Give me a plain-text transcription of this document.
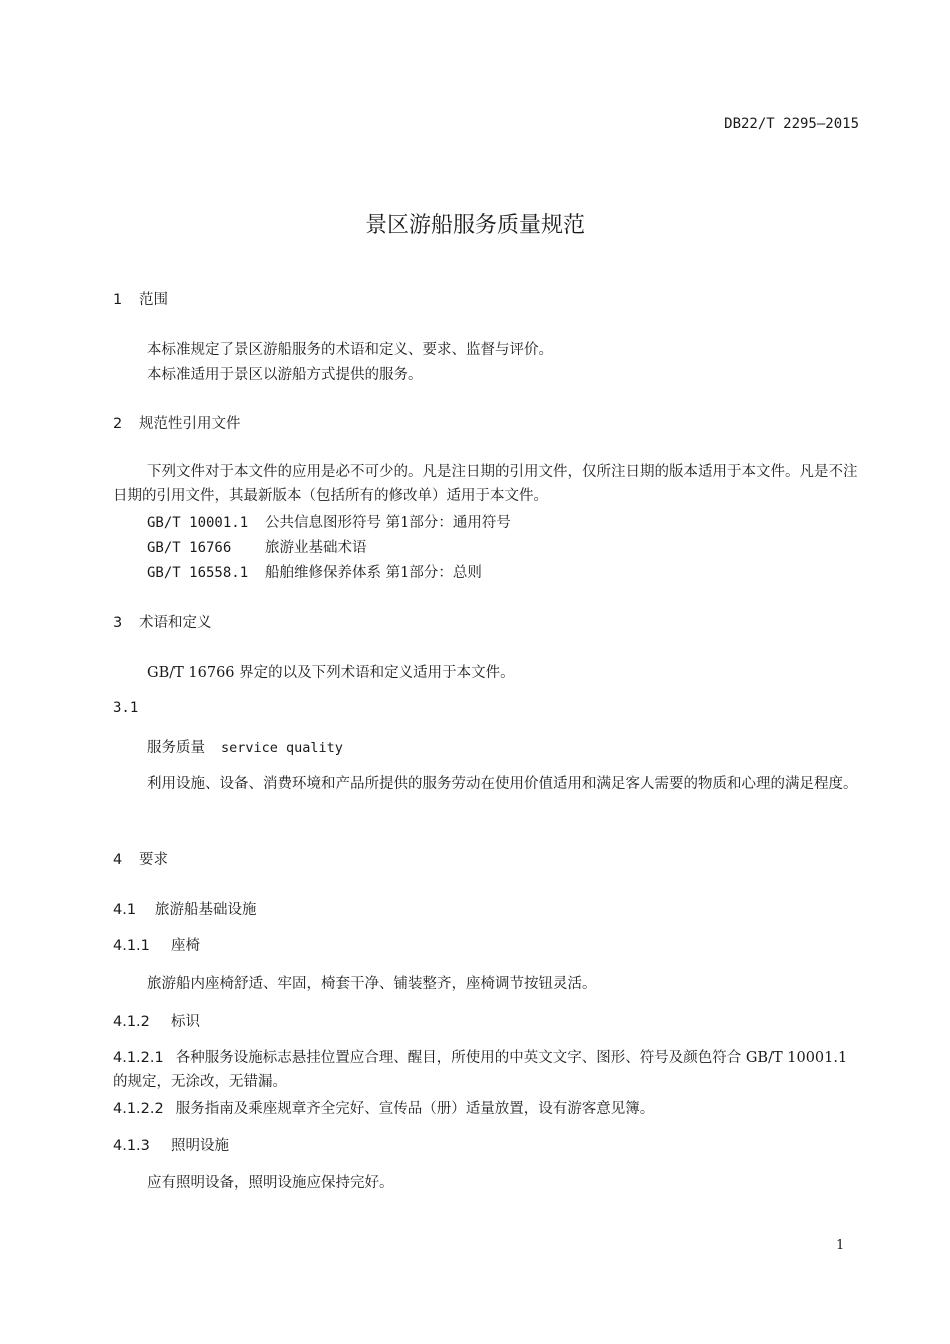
DB22/T 2295—2015
景区游船服务质量规范
1 范围
本标准规定了景区游船服务的术语和定义、要求、监督与评价。
本标准适用于景区以游船方式提供的服务。
2 规范性引用文件
下列文件对于本文件的应用是必不可少的。凡是注日期的引用文件，仅所注日期的版本适用于本文件。凡是不注日期的引用文件，其最新版本（包括所有的修改单）适用于本文件。
GB/T 10001.1 公共信息图形符号 第1部分：通用符号
GB/T 16766 旅游业基础术语
GB/T 16558.1 船舶维修保养体系 第1部分：总则
3 术语和定义
GB/T 16766 界定的以及下列术语和定义适用于本文件。
3.1
服务质量 service quality
利用设施、设备、消费环境和产品所提供的服务劳动在使用价值适用和满足客人需要的物质和心理的满足程度。
4 要求
4.1 旅游船基础设施
4.1.1 座椅
旅游船内座椅舒适、牢固，椅套干净、铺装整齐，座椅调节按钮灵活。
4.1.2 标识
4.1.2.1 各种服务设施标志悬挂位置应合理、醒目，所使用的中英文文字、图形、符号及颜色符合 GB/T 10001.1 的规定，无涂改，无错漏。
4.1.2.2 服务指南及乘座规章齐全完好、宣传品（册）适量放置，设有游客意见簿。
4.1.3 照明设施
应有照明设备，照明设施应保持完好。
1
